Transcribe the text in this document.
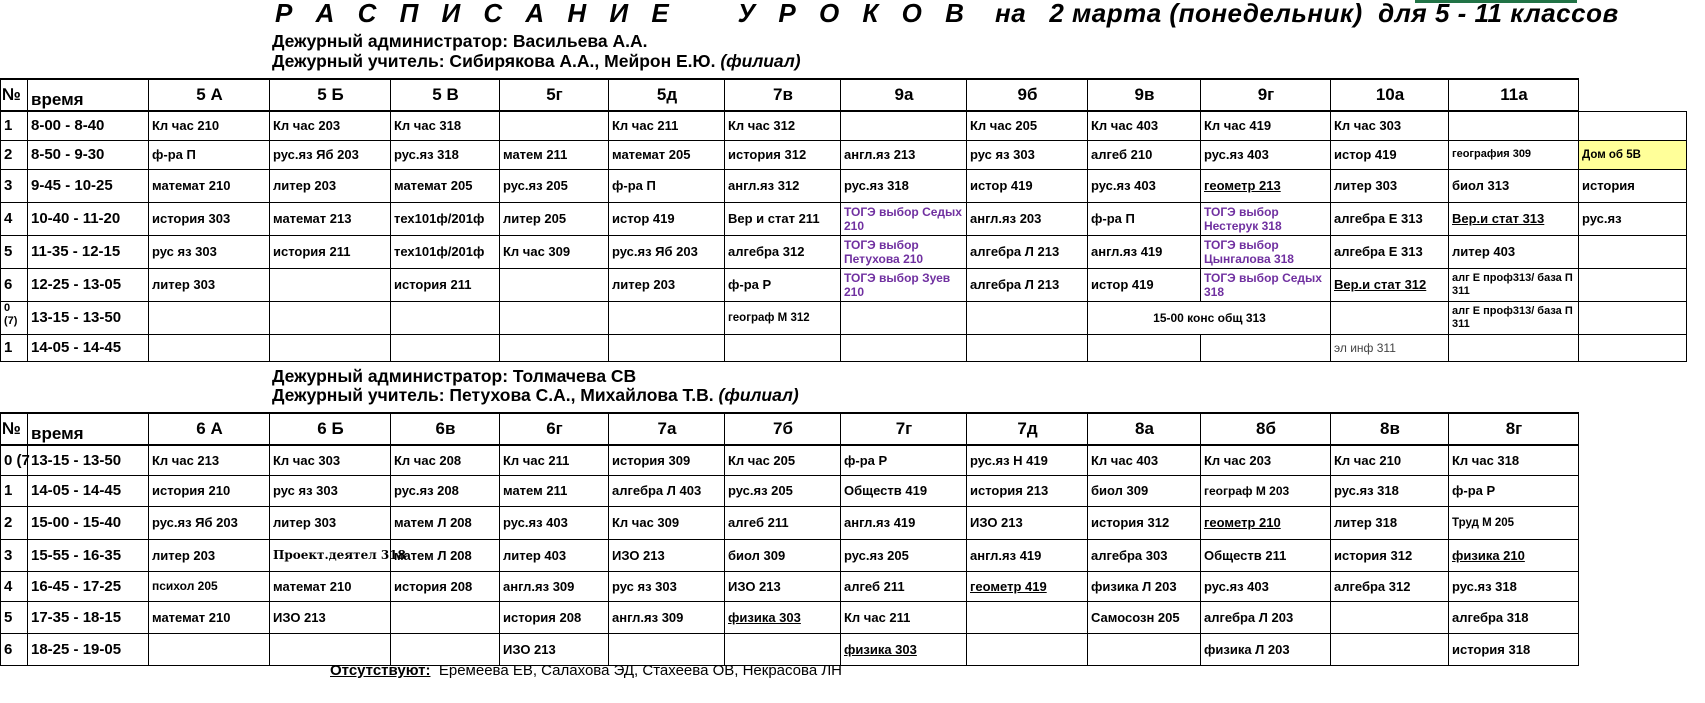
Р А С П И С А Н И Е    У Р О К О В на   2 марта (понедельник)  для 5 - 11 классов
Дежурный администратор: Васильева А.А.
Дежурный учитель: Сибирякова А.А., Мейрон Е.Ю. (филиал)
№	время	5 А	5 Б	5 В	5г	5д	7в	9а	9б	9в	9г	10а	11а	
1	8-00 - 8-40	Кл час 210	Кл час 203	Кл час 318		Кл час 211	Кл час 312		Кл час 205	Кл час 403	Кл час 419	Кл час 303		
2	8-50 - 9-30	ф-ра П	рус.яз Яб 203	рус.яз 318	матем 211	математ 205	история 312	англ.яз 213	рус яз 303	алгеб 210	рус.яз 403	истор 419	география 309	Дом об 5В
3	9-45 - 10-25	математ 210	литер 203	математ 205	рус.яз 205	ф-ра П	англ.яз 312	рус.яз 318	истор 419	рус.яз 403	геометр 213	литер 303	биол 313	история
4	10-40 - 11-20	история 303	математ 213	тех101ф/201ф	литер 205	истор 419	Вер и стат 211	ТОГЭ выбор Седых 210	англ.яз 203	ф-ра П	ТОГЭ выбор Нестерук 318	алгебра Е 313	Вер.и стат 313	рус.яз
5	11-35 - 12-15	рус яз 303	история 211	тех101ф/201ф	Кл час 309	рус.яз Яб 203	алгебра 312	ТОГЭ выбор Петухова 210	алгебра Л 213	англ.яз 419	ТОГЭ выбор Цынгалова 318	алгебра Е 313	литер 403	
6	12-25 - 13-05	литер 303		история 211		литер 203	ф-ра Р	ТОГЭ выбор Зуев 210	алгебра Л 213	истор 419	ТОГЭ выбор Седых 318	Вер.и стат 312	алг Е проф313/ база П 311	
0 (7)	13-15 - 13-50						географ М 312			15-00 конс общ 313			алг Е проф313/ база П 311	
1	14-05 - 14-45											эл инф 311		
Дежурный администратор: Толмачева СВ
Дежурный учитель: Петухова С.А., Михайлова Т.В. (филиал)
№	время	6 А	6 Б	6в	6г	7а	7б	7г	7д	8а	8б	8в	8г
0 (7	13-15 - 13-50	Кл час 213	Кл час 303	Кл час 208	Кл час 211	история 309	Кл час 205	ф-ра Р	рус.яз Н 419	Кл час 403	Кл час 203	Кл час 210	Кл час 318
1	14-05 - 14-45	история 210	рус яз 303	рус.яз 208	матем 211	алгебра Л 403	рус.яз 205	Обществ 419	история 213	биол 309	географ М 203	рус.яз 318	ф-ра Р
2	15-00 - 15-40	рус.яз Яб 203	литер 303	матем Л 208	рус.яз 403	Кл час 309	алгеб 211	англ.яз 419	ИЗО 213	история 312	геометр 210	литер 318	Труд М 205
3	15-55 - 16-35	литер 203	Проект.деятел 318	матем Л 208	литер 403	ИЗО 213	биол 309	рус.яз 205	англ.яз 419	алгебра 303	Обществ 211	история 312	физика 210
4	16-45 - 17-25	психол 205	математ 210	история 208	англ.яз 309	рус яз 303	ИЗО 213	алгеб 211	геометр 419	физика Л 203	рус.яз 403	алгебра 312	рус.яз 318
5	17-35 - 18-15	математ 210	ИЗО 213		история 208	англ.яз 309	физика 303	Кл час 211		Самосозн 205	алгебра Л 203		алгебра 318
6	18-25 - 19-05				ИЗО 213			физика 303			физика Л 203		история 318
Отсутствуют: Еремеева ЕВ, Салахова ЭД, Стахеева ОВ, Некрасова ЛН
